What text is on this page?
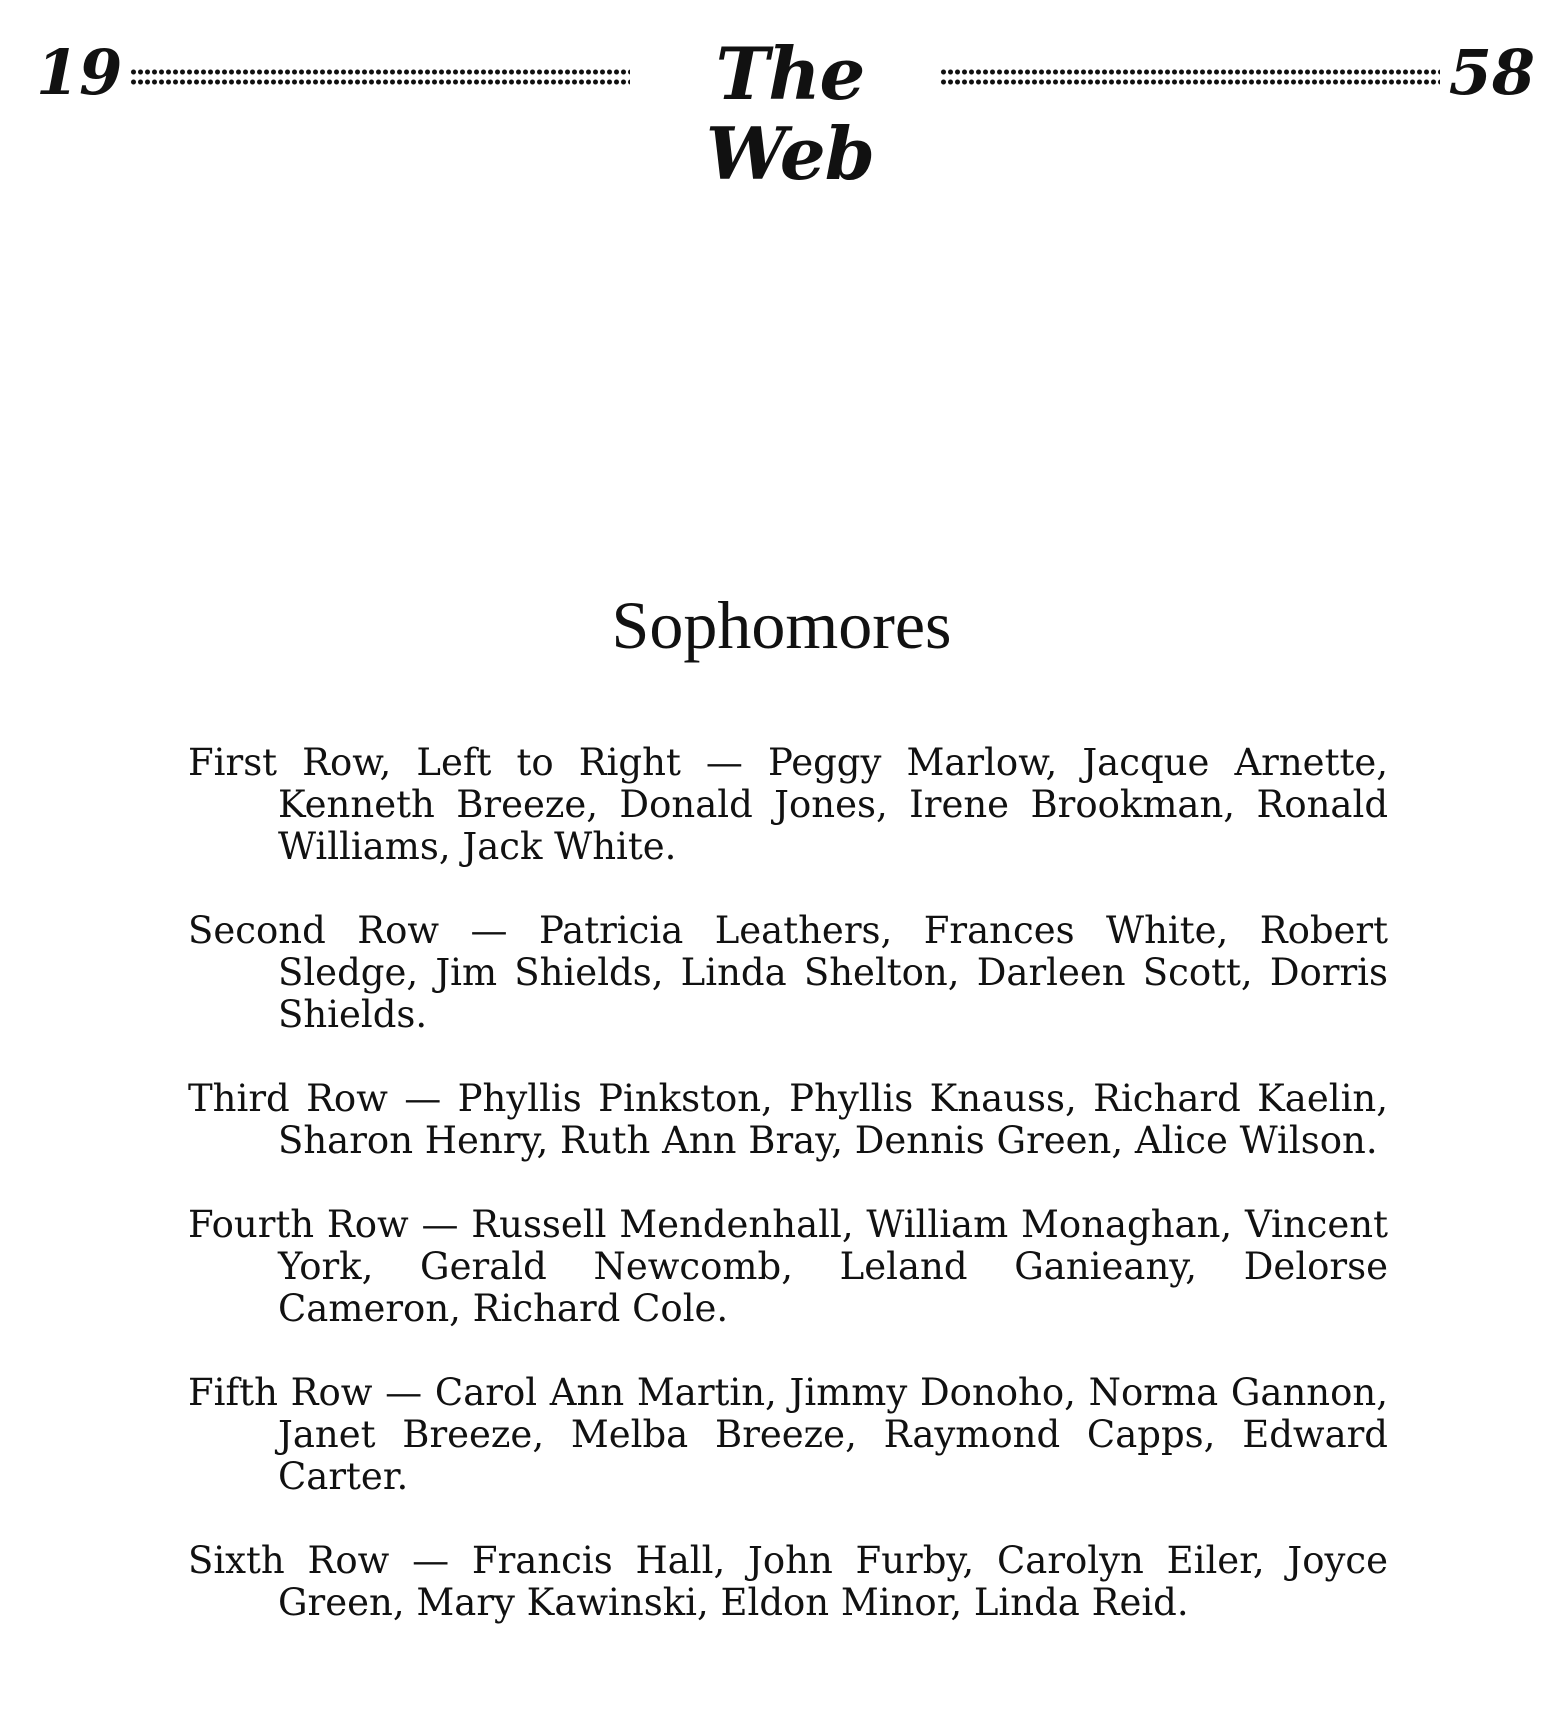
19	The Web
58
Sophomores

First Row, Left to Right — Peggy Marlow, Jacque Arnette, Kenneth Breeze, Donald Jones, Irene Brookman, Ronald Williams, Jack White.

Second Row — Patricia Leathers, Frances White, Robert Sledge, Jim Shields, Linda Shelton, Darleen Scott, Dorris Shields.

Third Row — Phyllis Pinkston, Phyllis Knauss, Richard Kaelin, Sharon Henry, Ruth Ann Bray, Dennis Green, Alice Wilson.

Fourth Row — Russell Mendenhall, William Monaghan, Vincent York, Gerald Newcomb, Leland Ganieany, Delorse Cameron, Richard Cole.

Fifth Row — Carol Ann Martin, Jimmy Donoho, Norma Gannon, Janet Breeze, Melba Breeze, Raymond Capps, Edward Carter.

Sixth Row — Francis Hall, John Furby, Carolyn Eiler, Joyce Green, Mary Kawinski, Eldon Minor, Linda Reid.
